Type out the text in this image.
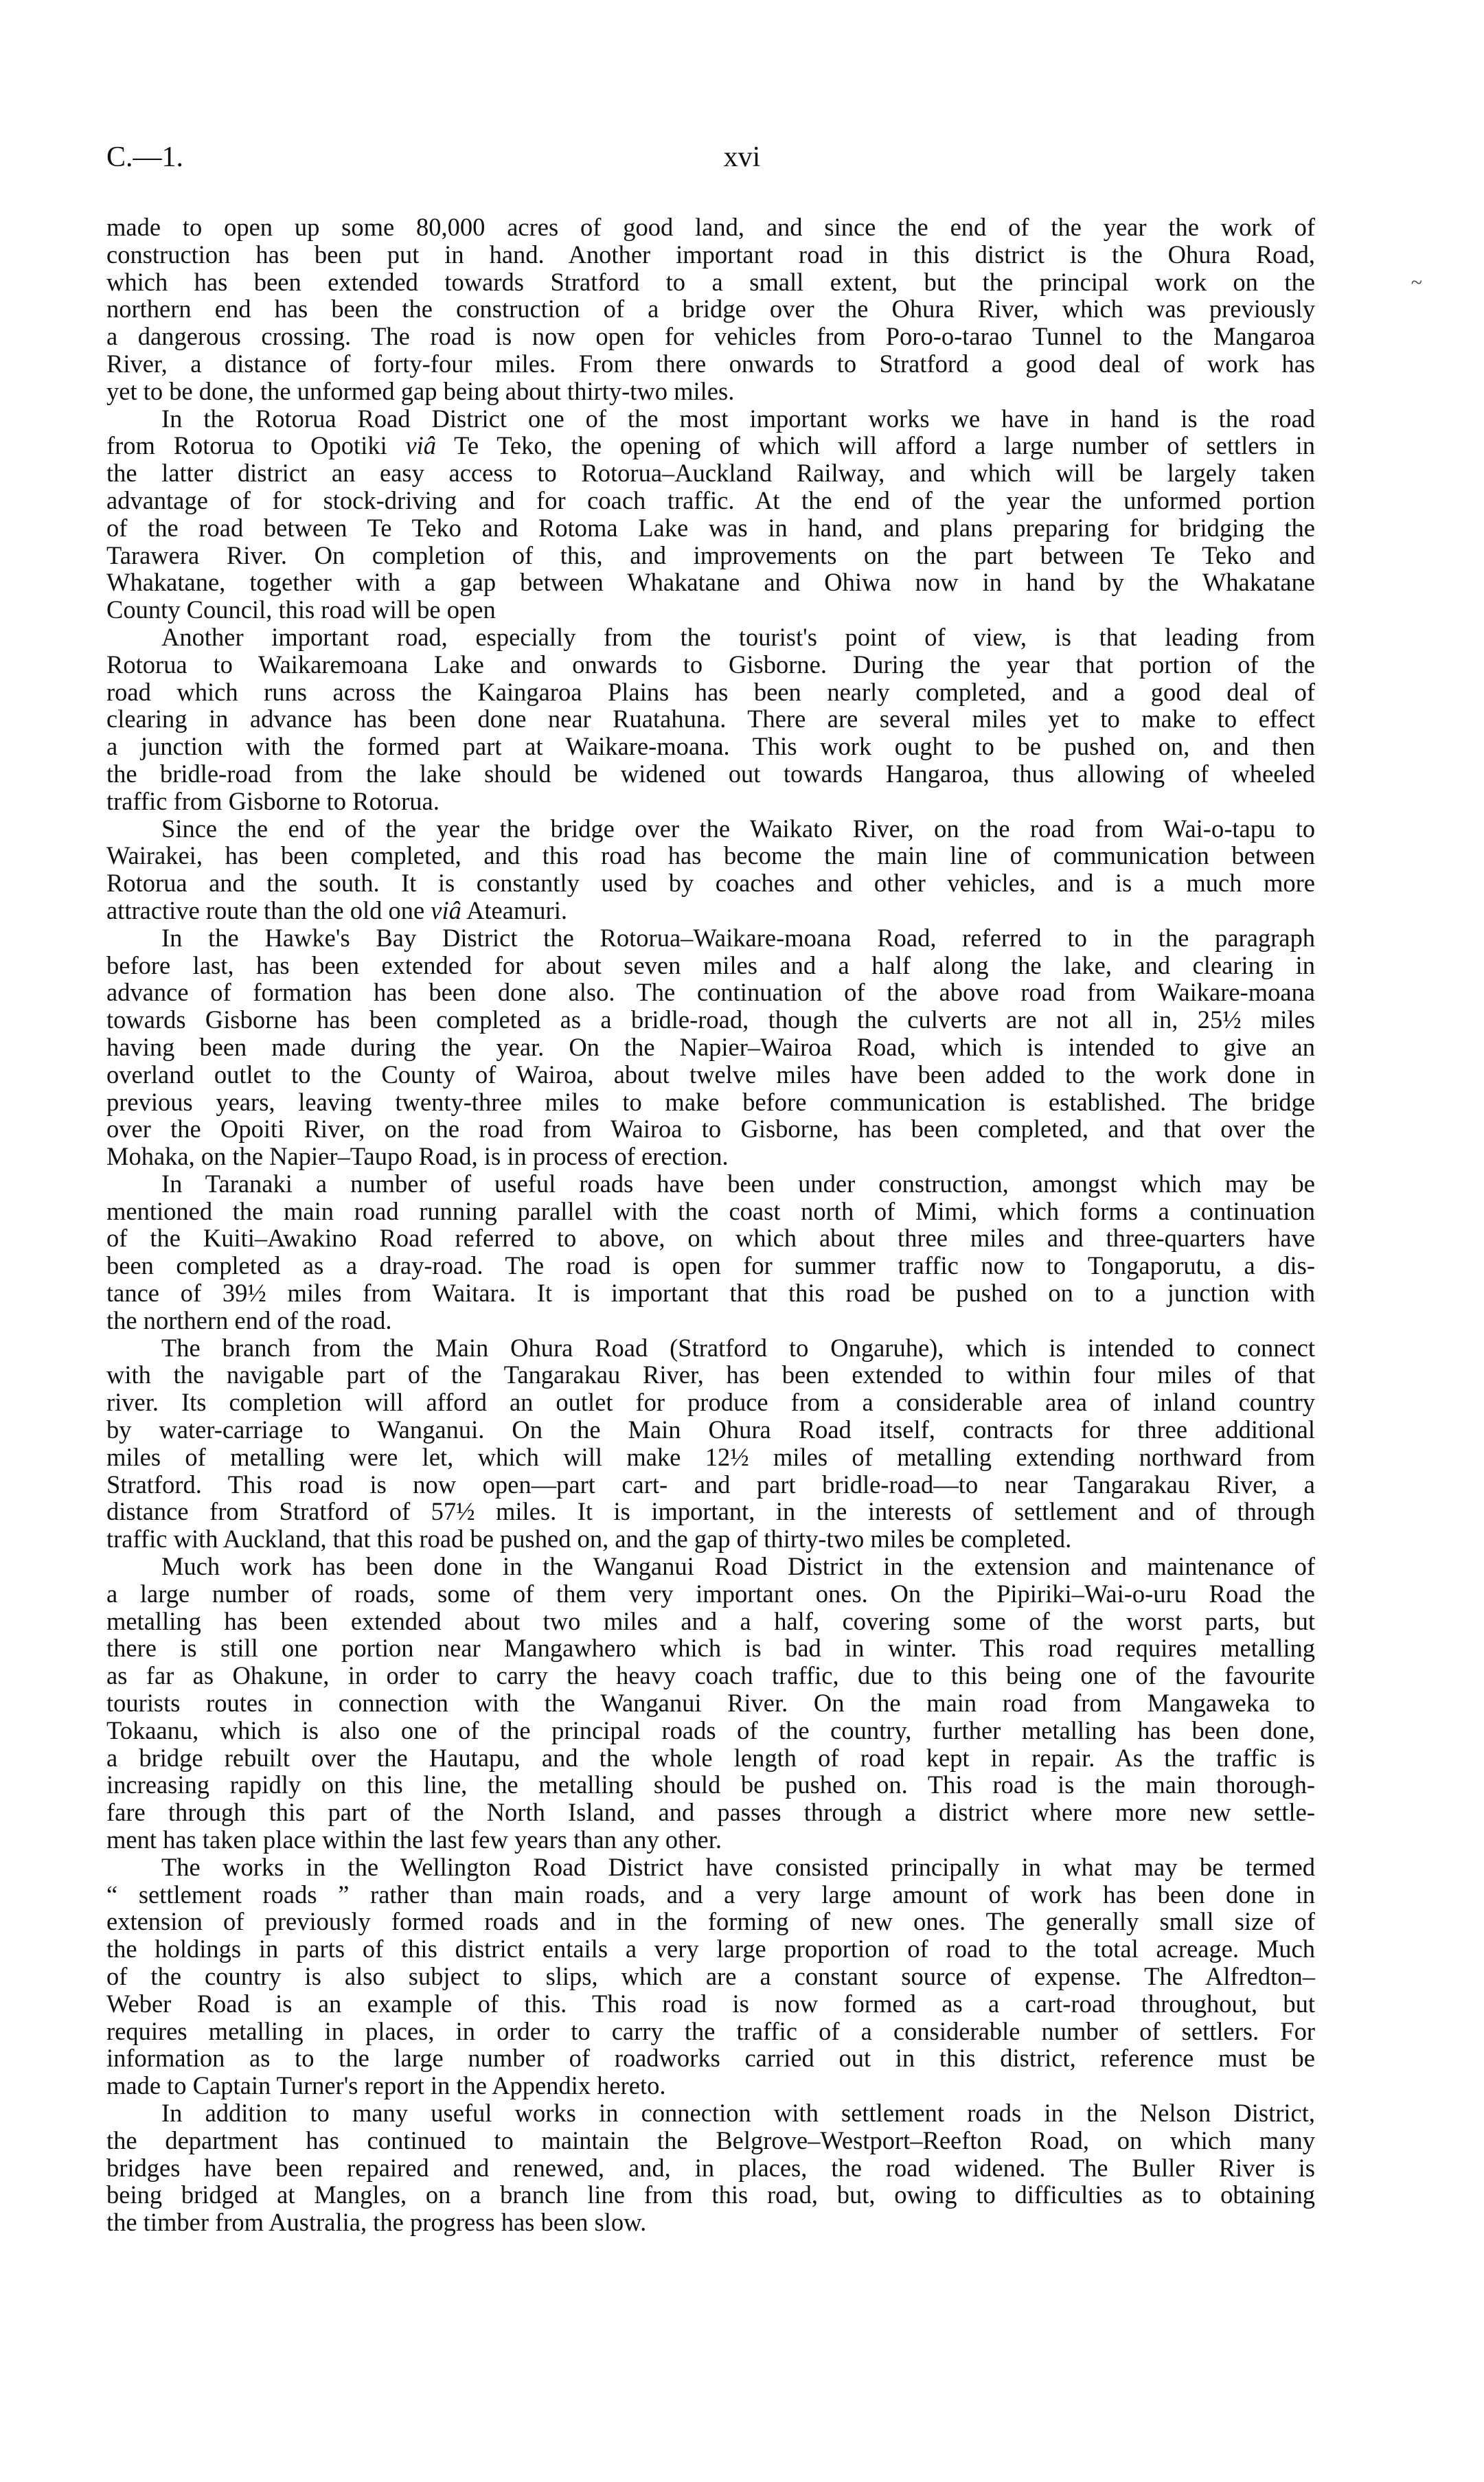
C.—1.	xvi
~
made to open up some 80,000 acres of good land, and since the end of the year the work of
construction has been put in hand. Another important road in this district is the Ohura Road,
which has been extended towards Stratford to a small extent, but the principal work on the
northern end has been the construction of a bridge over the Ohura River, which was previously
a dangerous crossing. The road is now open for vehicles from Poro-o-tarao Tunnel to the Mangaroa
River, a distance of forty-four miles. From there onwards to Stratford a good deal of work has
yet to be done, the unformed gap being about thirty-two miles.
In the Rotorua Road District one of the most important works we have in hand is the road
from Rotorua to Opotiki viâ Te Teko, the opening of which will afford a large number of settlers in
the latter district an easy access to Rotorua–Auckland Railway, and which will be largely taken
advantage of for stock-driving and for coach traffic. At the end of the year the unformed portion
of the road between Te Teko and Rotoma Lake was in hand, and plans preparing for bridging the
Tarawera River. On completion of this, and improvements on the part between Te Teko and
Whakatane, together with a gap between Whakatane and Ohiwa now in hand by the Whakatane
County Council, this road will be open
Another important road, especially from the tourist's point of view, is that leading from
Rotorua to Waikaremoana Lake and onwards to Gisborne. During the year that portion of the
road which runs across the Kaingaroa Plains has been nearly completed, and a good deal of
clearing in advance has been done near Ruatahuna. There are several miles yet to make to effect
a junction with the formed part at Waikare-moana. This work ought to be pushed on, and then
the bridle-road from the lake should be widened out towards Hangaroa, thus allowing of wheeled
traffic from Gisborne to Rotorua.
Since the end of the year the bridge over the Waikato River, on the road from Wai-o-tapu to
Wairakei, has been completed, and this road has become the main line of communication between
Rotorua and the south. It is constantly used by coaches and other vehicles, and is a much more
attractive route than the old one viâ Ateamuri.
In the Hawke's Bay District the Rotorua–Waikare-moana Road, referred to in the paragraph
before last, has been extended for about seven miles and a half along the lake, and clearing in
advance of formation has been done also. The continuation of the above road from Waikare-moana
towards Gisborne has been completed as a bridle-road, though the culverts are not all in, 25½ miles
having been made during the year. On the Napier–Wairoa Road, which is intended to give an
overland outlet to the County of Wairoa, about twelve miles have been added to the work done in
previous years, leaving twenty-three miles to make before communication is established. The bridge
over the Opoiti River, on the road from Wairoa to Gisborne, has been completed, and that over the
Mohaka, on the Napier–Taupo Road, is in process of erection.
In Taranaki a number of useful roads have been under construction, amongst which may be
mentioned the main road running parallel with the coast north of Mimi, which forms a continuation
of the Kuiti–Awakino Road referred to above, on which about three miles and three-quarters have
been completed as a dray-road. The road is open for summer traffic now to Tongaporutu, a dis-
tance of 39½ miles from Waitara. It is important that this road be pushed on to a junction with
the northern end of the road.
The branch from the Main Ohura Road (Stratford to Ongaruhe), which is intended to connect
with the navigable part of the Tangarakau River, has been extended to within four miles of that
river. Its completion will afford an outlet for produce from a considerable area of inland country
by water-carriage to Wanganui. On the Main Ohura Road itself, contracts for three additional
miles of metalling were let, which will make 12½ miles of metalling extending northward from
Stratford. This road is now open—part cart- and part bridle-road—to near Tangarakau River, a
distance from Stratford of 57½ miles. It is important, in the interests of settlement and of through
traffic with Auckland, that this road be pushed on, and the gap of thirty-two miles be completed.
Much work has been done in the Wanganui Road District in the extension and maintenance of
a large number of roads, some of them very important ones. On the Pipiriki–Wai-o-uru Road the
metalling has been extended about two miles and a half, covering some of the worst parts, but
there is still one portion near Mangawhero which is bad in winter. This road requires metalling
as far as Ohakune, in order to carry the heavy coach traffic, due to this being one of the favourite
tourists routes in connection with the Wanganui River. On the main road from Mangaweka to
Tokaanu, which is also one of the principal roads of the country, further metalling has been done,
a bridge rebuilt over the Hautapu, and the whole length of road kept in repair. As the traffic is
increasing rapidly on this line, the metalling should be pushed on. This road is the main thorough-
fare through this part of the North Island, and passes through a district where more new settle-
ment has taken place within the last few years than any other.
The works in the Wellington Road District have consisted principally in what may be termed
“ settlement roads ” rather than main roads, and a very large amount of work has been done in
extension of previously formed roads and in the forming of new ones. The generally small size of
the holdings in parts of this district entails a very large proportion of road to the total acreage. Much
of the country is also subject to slips, which are a constant source of expense. The Alfredton–
Weber Road is an example of this. This road is now formed as a cart-road throughout, but
requires metalling in places, in order to carry the traffic of a considerable number of settlers. For
information as to the large number of roadworks carried out in this district, reference must be
made to Captain Turner's report in the Appendix hereto.
In addition to many useful works in connection with settlement roads in the Nelson District,
the department has continued to maintain the Belgrove–Westport–Reefton Road, on which many
bridges have been repaired and renewed, and, in places, the road widened. The Buller River is
being bridged at Mangles, on a branch line from this road, but, owing to difficulties as to obtaining
the timber from Australia, the progress has been slow.
